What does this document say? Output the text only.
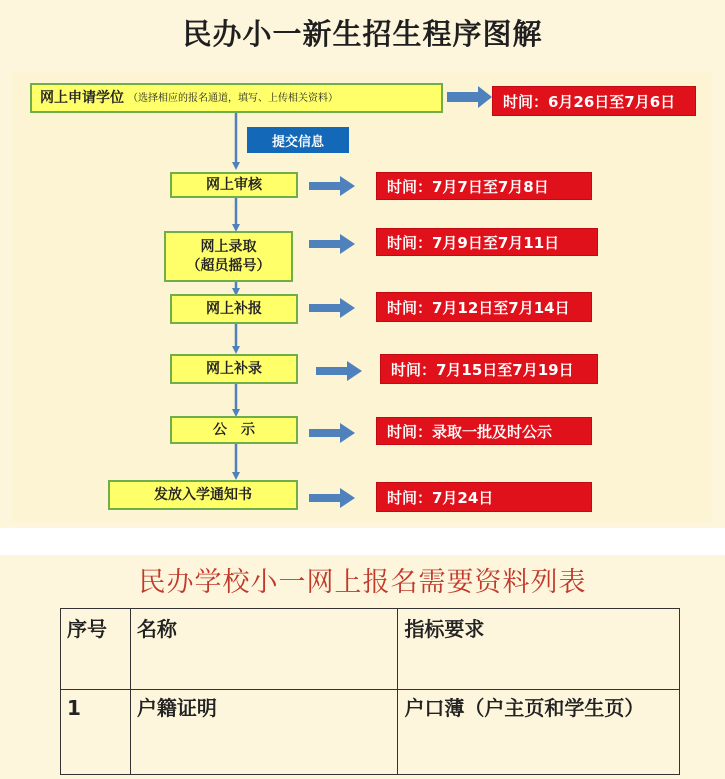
民办小一新生招生程序图解
网上申请学位 （选择相应的报名通道，填写、上传相关资料）
提交信息
网上审核
网上录取
（超员摇号）
网上补报
网上补录
公　示
发放入学通知书
时间：6月26日至7月6日
时间：7月7日至7月8日
时间：7月9日至7月11日
时间：7月12日至7月14日
时间：7月15日至7月19日
时间：录取一批及时公示
时间：7月24日
民办学校小一网上报名需要资料列表
序号	名称	指标要求
1	户籍证明	户口薄（户主页和学生页）
